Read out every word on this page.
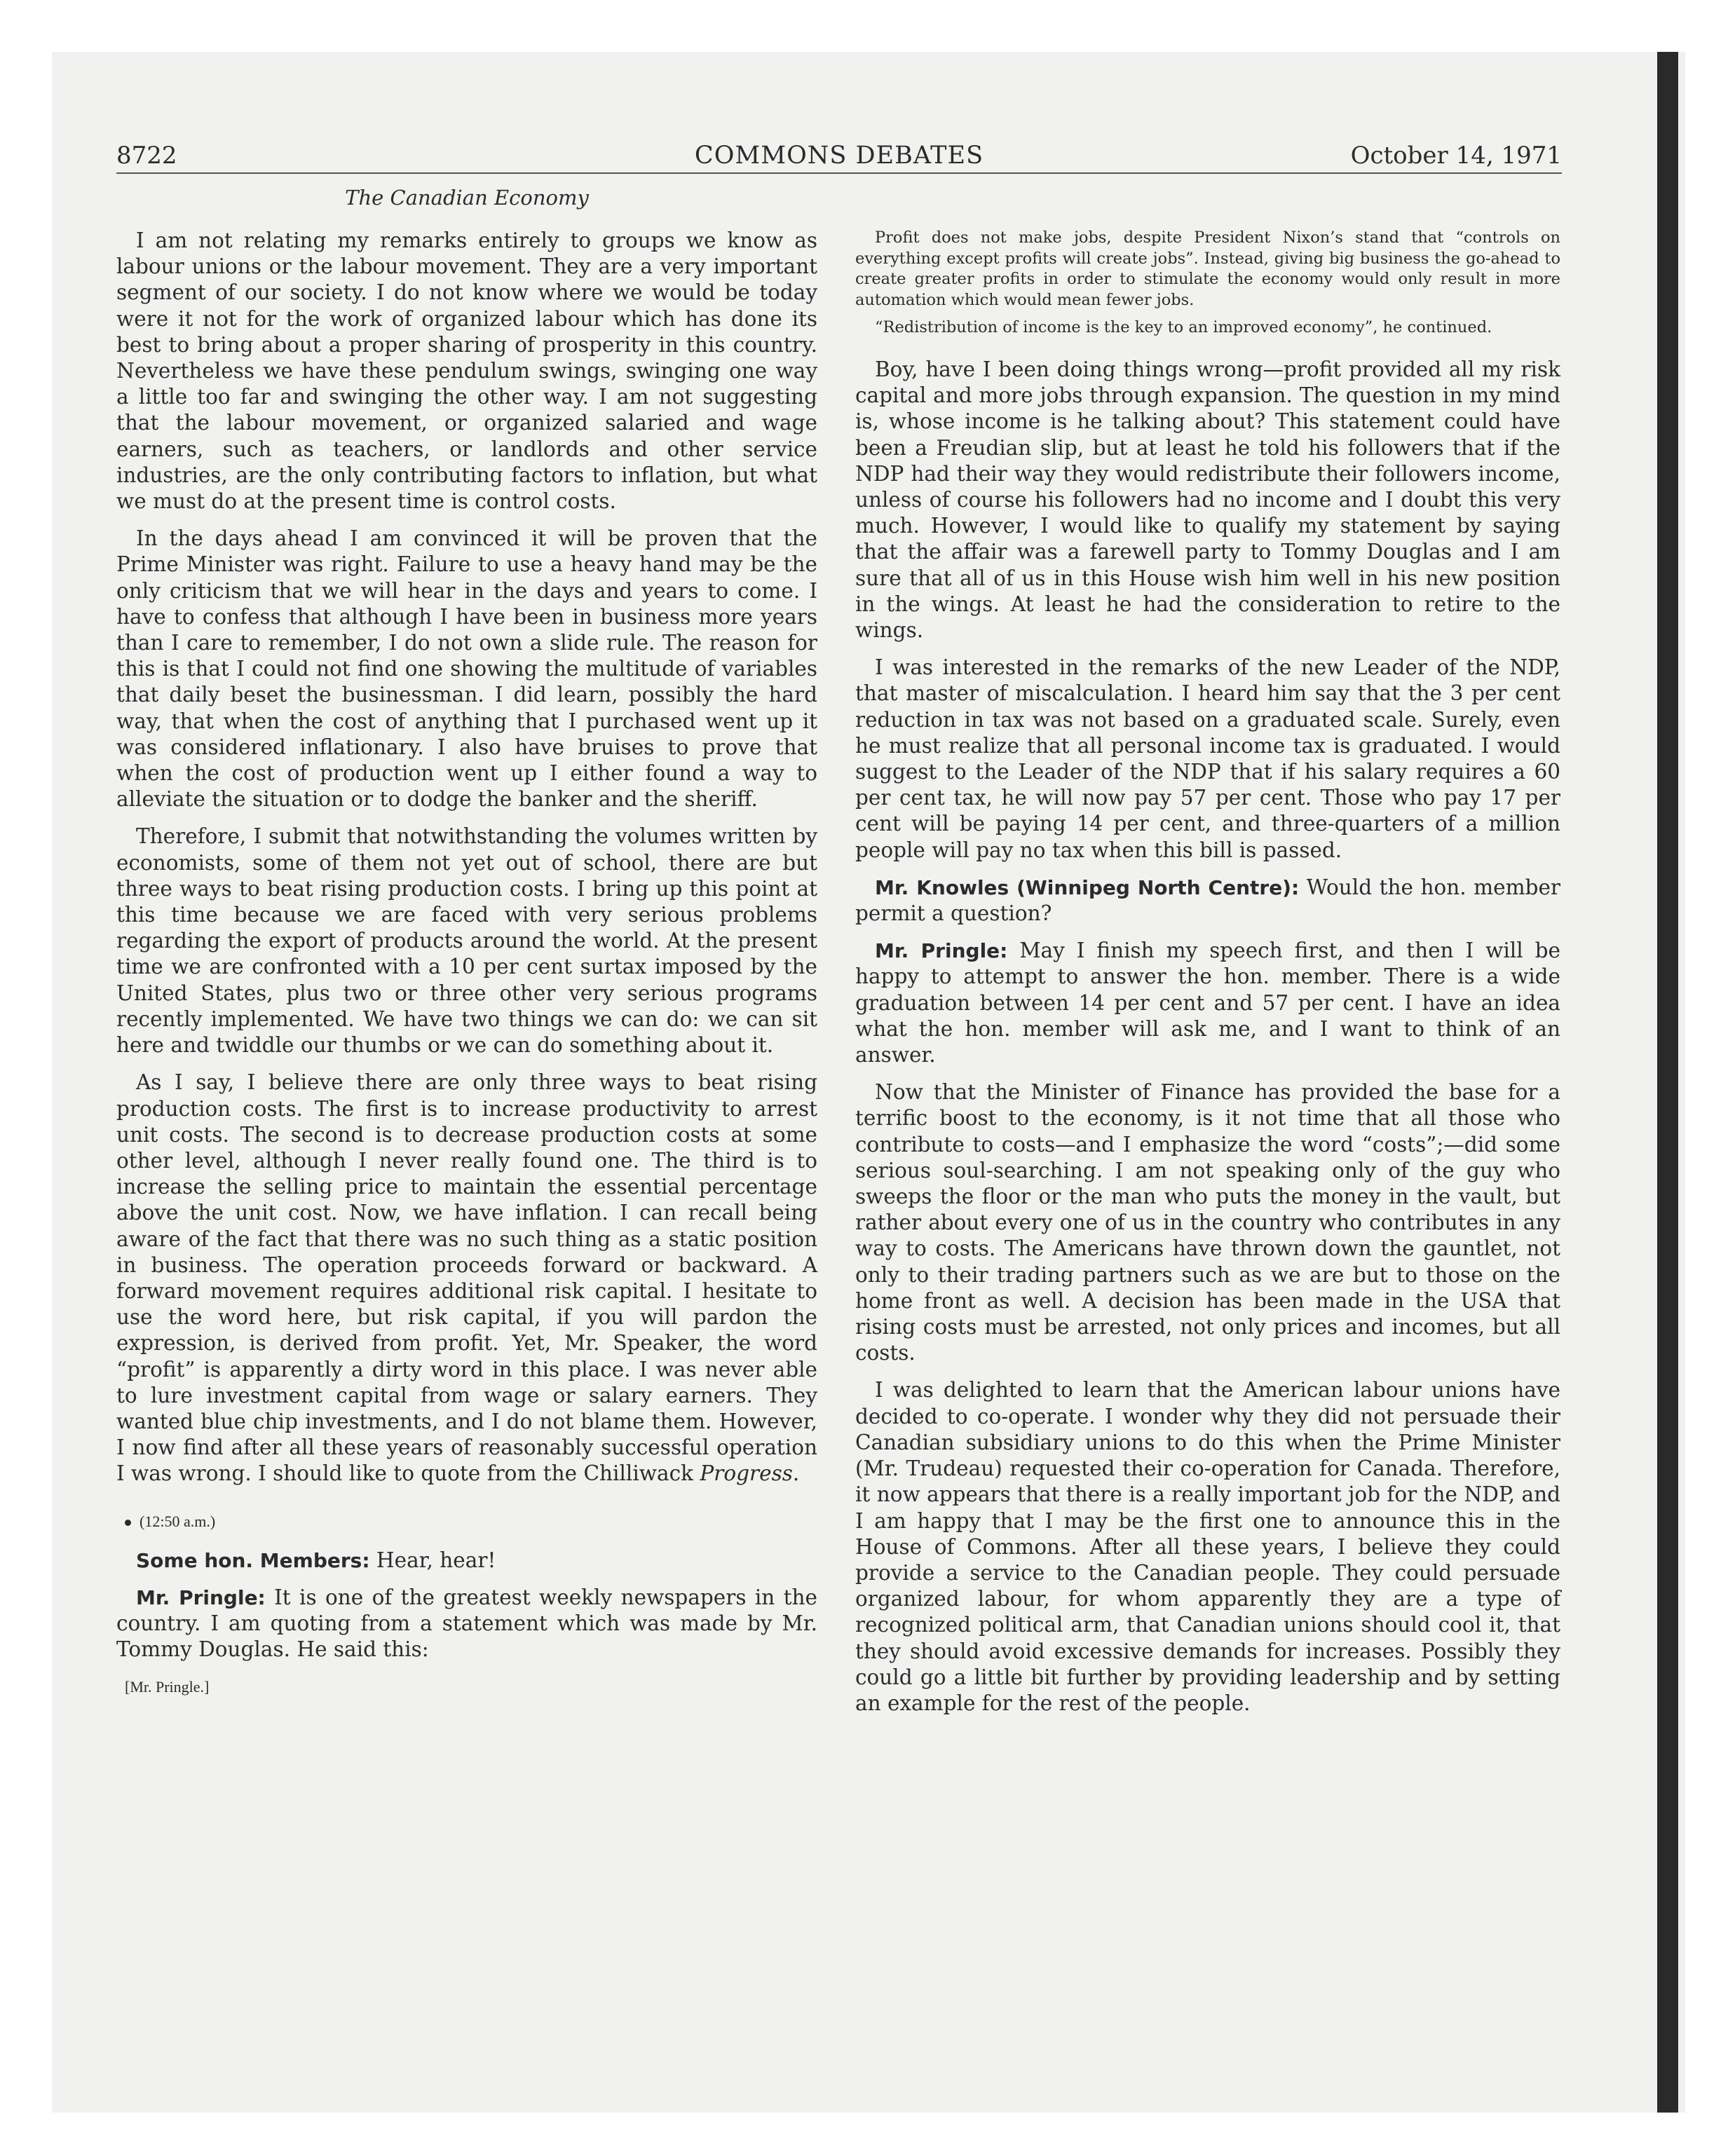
8722	COMMONS DEBATES	October 14, 1971
The Canadian Economy

I am not relating my remarks entirely to groups we know as labour unions or the labour movement. They are a very important segment of our society. I do not know where we would be today were it not for the work of organized labour which has done its best to bring about a proper sharing of prosperity in this country. Nevertheless we have these pendulum swings, swinging one way a little too far and swinging the other way. I am not suggesting that the labour movement, or organized salaried and wage earners, such as teachers, or landlords and other service industries, are the only contributing factors to inflation, but what we must do at the present time is control costs.

In the days ahead I am convinced it will be proven that the Prime Minister was right. Failure to use a heavy hand may be the only criticism that we will hear in the days and years to come. I have to confess that although I have been in business more years than I care to remember, I do not own a slide rule. The reason for this is that I could not find one showing the multitude of variables that daily beset the businessman. I did learn, possibly the hard way, that when the cost of anything that I purchased went up it was considered inflationary. I also have bruises to prove that when the cost of production went up I either found a way to alleviate the situation or to dodge the banker and the sheriff.

Therefore, I submit that notwithstanding the volumes written by economists, some of them not yet out of school, there are but three ways to beat rising production costs. I bring up this point at this time because we are faced with very serious problems regarding the export of products around the world. At the present time we are confronted with a 10 per cent surtax imposed by the United States, plus two or three other very serious programs recently implemented. We have two things we can do: we can sit here and twiddle our thumbs or we can do something about it.

As I say, I believe there are only three ways to beat rising production costs. The first is to increase productivity to arrest unit costs. The second is to decrease production costs at some other level, although I never really found one. The third is to increase the selling price to maintain the essential percentage above the unit cost. Now, we have inflation. I can recall being aware of the fact that there was no such thing as a static position in business. The operation proceeds forward or backward. A forward movement requires additional risk capital. I hesitate to use the word here, but risk capital, if you will pardon the expression, is derived from profit. Yet, Mr. Speaker, the word “profit” is apparently a dirty word in this place. I was never able to lure investment capital from wage or salary earners. They wanted blue chip investments, and I do not blame them. However, I now find after all these years of reasonably successful operation I was wrong. I should like to quote from the Chilliwack Progress.

(12:50 a.m.)

Some hon. Members: Hear, hear!

Mr. Pringle: It is one of the greatest weekly newspapers in the country. I am quoting from a statement which was made by Mr. Tommy Douglas. He said this:

[Mr. Pringle.]

Profit does not make jobs, despite President Nixon’s stand that “controls on everything except profits will create jobs”. Instead, giving big business the go-ahead to create greater profits in order to stimulate the economy would only result in more automation which would mean fewer jobs.

“Redistribution of income is the key to an improved economy”, he continued.

Boy, have I been doing things wrong—profit provided all my risk capital and more jobs through expansion. The question in my mind is, whose income is he talking about? This statement could have been a Freudian slip, but at least he told his followers that if the NDP had their way they would redistribute their followers income, unless of course his followers had no income and I doubt this very much. However, I would like to qualify my statement by saying that the affair was a farewell party to Tommy Douglas and I am sure that all of us in this House wish him well in his new position in the wings. At least he had the consideration to retire to the wings.

I was interested in the remarks of the new Leader of the NDP, that master of miscalculation. I heard him say that the 3 per cent reduction in tax was not based on a graduated scale. Surely, even he must realize that all personal income tax is graduated. I would suggest to the Leader of the NDP that if his salary requires a 60 per cent tax, he will now pay 57 per cent. Those who pay 17 per cent will be paying 14 per cent, and three-quarters of a million people will pay no tax when this bill is passed.

Mr. Knowles (Winnipeg North Centre): Would the hon. member permit a question?

Mr. Pringle: May I finish my speech first, and then I will be happy to attempt to answer the hon. member. There is a wide graduation between 14 per cent and 57 per cent. I have an idea what the hon. member will ask me, and I want to think of an answer.

Now that the Minister of Finance has provided the base for a terrific boost to the economy, is it not time that all those who contribute to costs—and I emphasize the word “costs”;—did some serious soul-searching. I am not speaking only of the guy who sweeps the floor or the man who puts the money in the vault, but rather about every one of us in the country who contributes in any way to costs. The Americans have thrown down the gauntlet, not only to their trading partners such as we are but to those on the home front as well. A decision has been made in the USA that rising costs must be arrested, not only prices and incomes, but all costs.

I was delighted to learn that the American labour unions have decided to co-operate. I wonder why they did not persuade their Canadian subsidiary unions to do this when the Prime Minister (Mr. Trudeau) requested their co-operation for Canada. Therefore, it now appears that there is a really important job for the NDP, and I am happy that I may be the first one to announce this in the House of Commons. After all these years, I believe they could provide a service to the Canadian people. They could persuade organized labour, for whom apparently they are a type of recognized political arm, that Canadian unions should cool it, that they should avoid excessive demands for increases. Possibly they could go a little bit further by providing leadership and by setting an example for the rest of the people.
